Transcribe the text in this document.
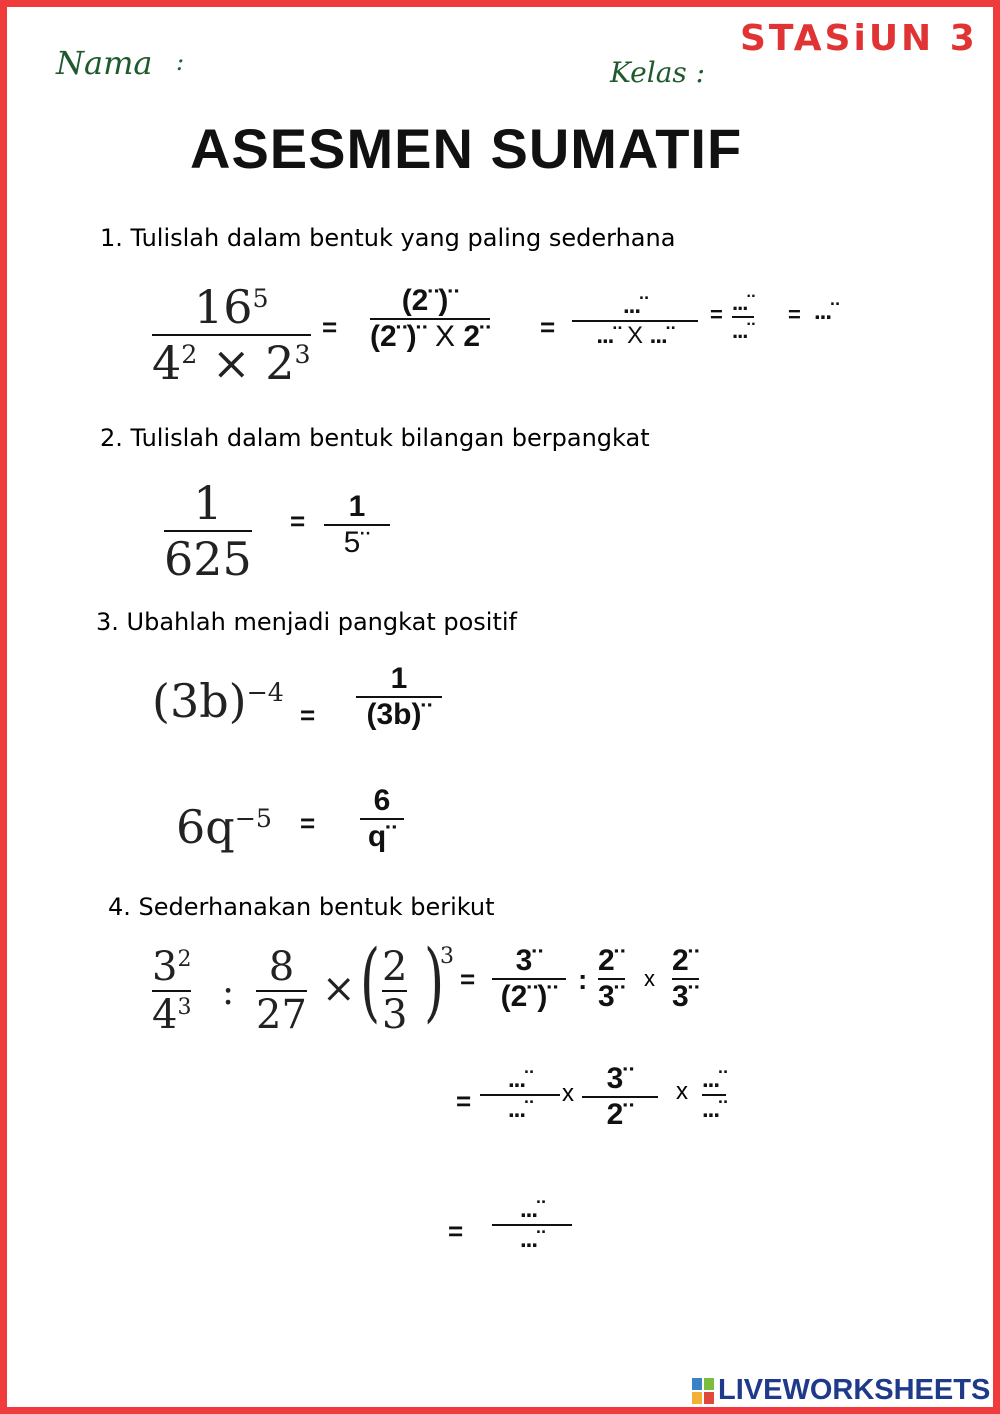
Nama :	Kelas :
STASiUN 3
ASESMEN SUMATIF
1. Tulislah dalam bentuk yang paling sederhana
2. Tulislah dalam bentuk bilangan berpangkat
3. Ubahlah menjadi pangkat positif
4. Sederhanakan bentuk berikut
$16^5$
$4^2 \times 2^3$
=
(2¨)¨
(2¨)¨ X 2¨ =
...¨
...¨ X ...¨
= ...¨
...¨
= ...¨
1
625
= 1
5¨
$(3b)^{-4}$
=
1
(3b)¨
$6q^{-5}$ =
6
q¨
$3^2$
$4^3$ :
8
27
× ( 2
3 )
3
=
3¨
(2¨)¨
:
2¨
3¨
x
2¨
3¨
=
...¨
...¨
x 3¨
2¨
x ...¨
...¨
=
...¨
...¨
LIVEWORKSHEETS
